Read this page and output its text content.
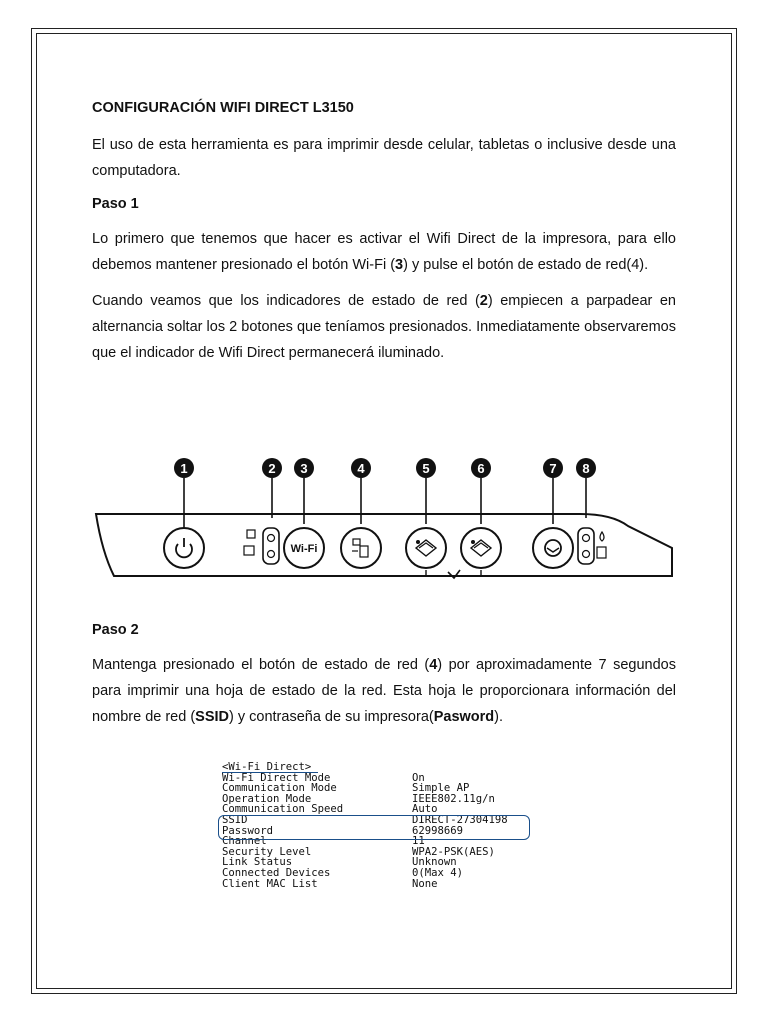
CONFIGURACIÓN WIFI DIRECT L3150

El uso de esta herramienta es para imprimir desde celular, tabletas o inclusive desde una computadora.

Paso 1

Lo primero que tenemos que hacer es activar el Wifi Direct de la impresora, para ello debemos mantener presionado el botón Wi-Fi (3) y pulse el botón de estado de red(4).

Cuando veamos que los indicadores de estado de red (2) empiecen a parpadear en alternancia soltar los 2 botones que teníamos presionados. Inmediatamente observaremos que el indicador de Wifi Direct permanecerá iluminado.

1	2 3	4	5	6	7 8
Wi-Fi
Paso 2

Mantenga presionado el botón de estado de red (4) por aproximadamente 7 segundos para imprimir una hoja de estado de la red. Esta hoja le proporcionara información del nombre de red (SSID) y contraseña de su impresora(Pasword).

<Wi-Fi Direct>
Wi-Fi Direct Mode	On
Communication Mode	Simple AP
Operation Mode	IEEE802.11g/n
Communication Speed	Auto
SSID	DIRECT-27304198
Password	62998669
Channel	11
Security Level	WPA2-PSK(AES)
Link Status	Unknown
Connected Devices	0(Max 4)
Client MAC List	None
